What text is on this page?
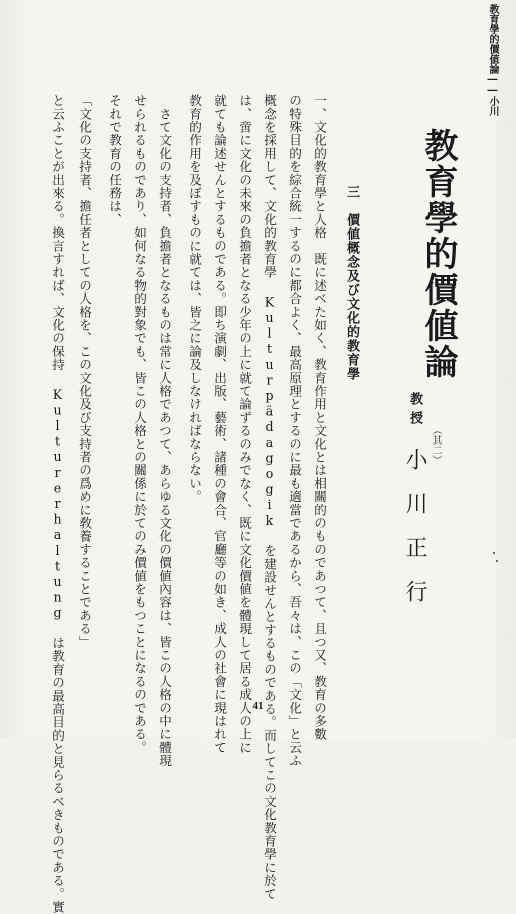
教育學的價値論――小川
教育學的價値論
（其二）
教授
小川正行
三　價値概念及び文化的教育學
一、文化的教育學と人格　既に述べた如く、教育作用と文化とは相關的のものであつて、且つ又、教育の多數
の特殊目的を綜合統一するのに都合よく、最高原理とするのに最も適當であるから、吾々は、この「文化」と云ふ
概念を採用して、文化的教育學 Kulturpädagogik を建設せんとするものである。而してこの文化教育學に於て
は、啻に文化の未來の負擔者となる少年の上に就て論ずるのみでなく、既に文化價値を體現して居る成人の上に
就ても論述せんとするものである。即ち演劇、出版、藝術、諸種の會合、官廳等の如き、成人の社會に現はれて
教育的作用を及ぼすものに就ては、皆之に論及しなければならない。
　さて文化の支持者、負擔者となるものは常に人格であつて、あらゆる文化の價値內容は、皆この人格の中に體現
せられるものであり、如何なる物的對象でも、皆この人格との關係に於てのみ價値をもつことになるのである。
それで教育の任務は、
「文化の支持者、擔任者としての人格を、この文化及び支持者の爲めに敎養することである」
と云ふことが出來る。換言すれば、文化の保持 Kulturerhaltung は教育の最高目的と見らるべきものである。實	41
